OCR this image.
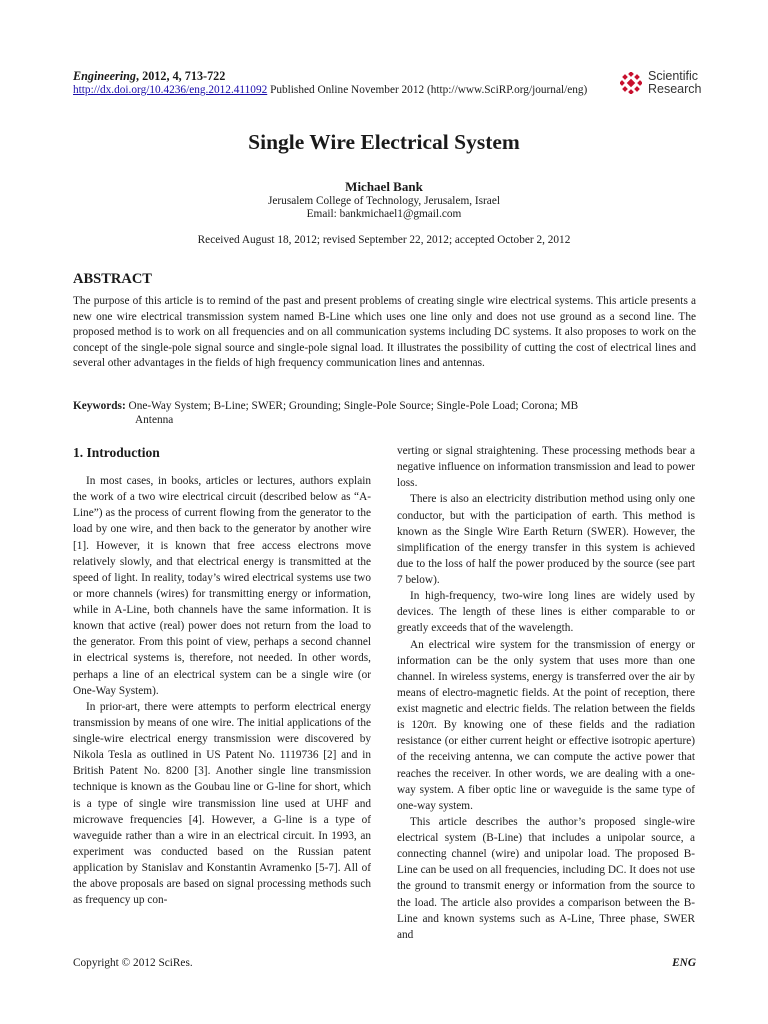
Engineering, 2012, 4, 713-722
http://dx.doi.org/10.4236/eng.2012.411092 Published Online November 2012 (http://www.SciRP.org/journal/eng)
Scientific
Research
Single Wire Electrical System
Michael Bank
Jerusalem College of Technology, Jerusalem, Israel
Email: bankmichael1@gmail.com
Received August 18, 2012; revised September 22, 2012; accepted October 2, 2012
ABSTRACT
The purpose of this article is to remind of the past and present problems of creating single wire electrical systems. This article presents a new one wire electrical transmission system named B-Line which uses one line only and does not use ground as a second line. The proposed method is to work on all frequencies and on all communication systems including DC systems. It also proposes to work on the concept of the single-pole signal source and single-pole signal load. It illustrates the possibility of cutting the cost of electrical lines and several other advantages in the fields of high frequency communication lines and antennas.
Keywords: One-Way System; B-Line; SWER; Grounding; Single-Pole Source; Single-Pole Load; Corona; MB
Antenna
1. Introduction

In most cases, in books, articles or lectures, authors explain the work of a two wire electrical circuit (described below as “A-Line”) as the process of current flowing from the generator to the load by one wire, and then back to the generator by another wire [1]. However, it is known that free access electrons move relatively slowly, and that electrical energy is transmitted at the speed of light. In reality, today’s wired electrical systems use two or more channels (wires) for transmitting energy or information, while in A-Line, both channels have the same information. It is known that active (real) power does not return from the load to the generator. From this point of view, perhaps a second channel in electrical systems is, therefore, not needed. In other words, perhaps a line of an electrical system can be a single wire (or One-Way System).

In prior-art, there were attempts to perform electrical energy transmission by means of one wire. The initial applications of the single-wire electrical energy transmission were discovered by Nikola Tesla as outlined in US Patent No. 1119736 [2] and in British Patent No. 8200 [3]. Another single line transmission technique is known as the Goubau line or G-line for short, which is a type of single wire transmission line used at UHF and microwave frequencies [4]. However, a G-line is a type of waveguide rather than a wire in an electrical circuit. In 1993, an experiment was conducted based on the Russian patent application by Stanislav and Konstantin Avramenko [5-7]. All of the above proposals are based on signal processing methods such as frequency up con-

verting or signal straightening. These processing methods bear a negative influence on information transmission and lead to power loss.

There is also an electricity distribution method using only one conductor, but with the participation of earth. This method is known as the Single Wire Earth Return (SWER). However, the simplification of the energy transfer in this system is achieved due to the loss of half the power produced by the source (see part 7 below).

In high-frequency, two-wire long lines are widely used by devices. The length of these lines is either comparable to or greatly exceeds that of the wavelength.

An electrical wire system for the transmission of energy or information can be the only system that uses more than one channel. In wireless systems, energy is transferred over the air by means of electro-magnetic fields. At the point of reception, there exist magnetic and electric fields. The relation between the fields is 120π. By knowing one of these fields and the radiation resistance (or either current height or effective isotropic aperture) of the receiving antenna, we can compute the active power that reaches the receiver. In other words, we are dealing with a one-way system. A fiber optic line or waveguide is the same type of one-way system.

This article describes the author’s proposed single-wire electrical system (B-Line) that includes a unipolar source, a connecting channel (wire) and unipolar load. The proposed B-Line can be used on all frequencies, including DC. It does not use the ground to transmit energy or information from the source to the load. The article also provides a comparison between the B-Line and known systems such as A-Line, Three phase, SWER and

Copyright © 2012 SciRes.	ENG
